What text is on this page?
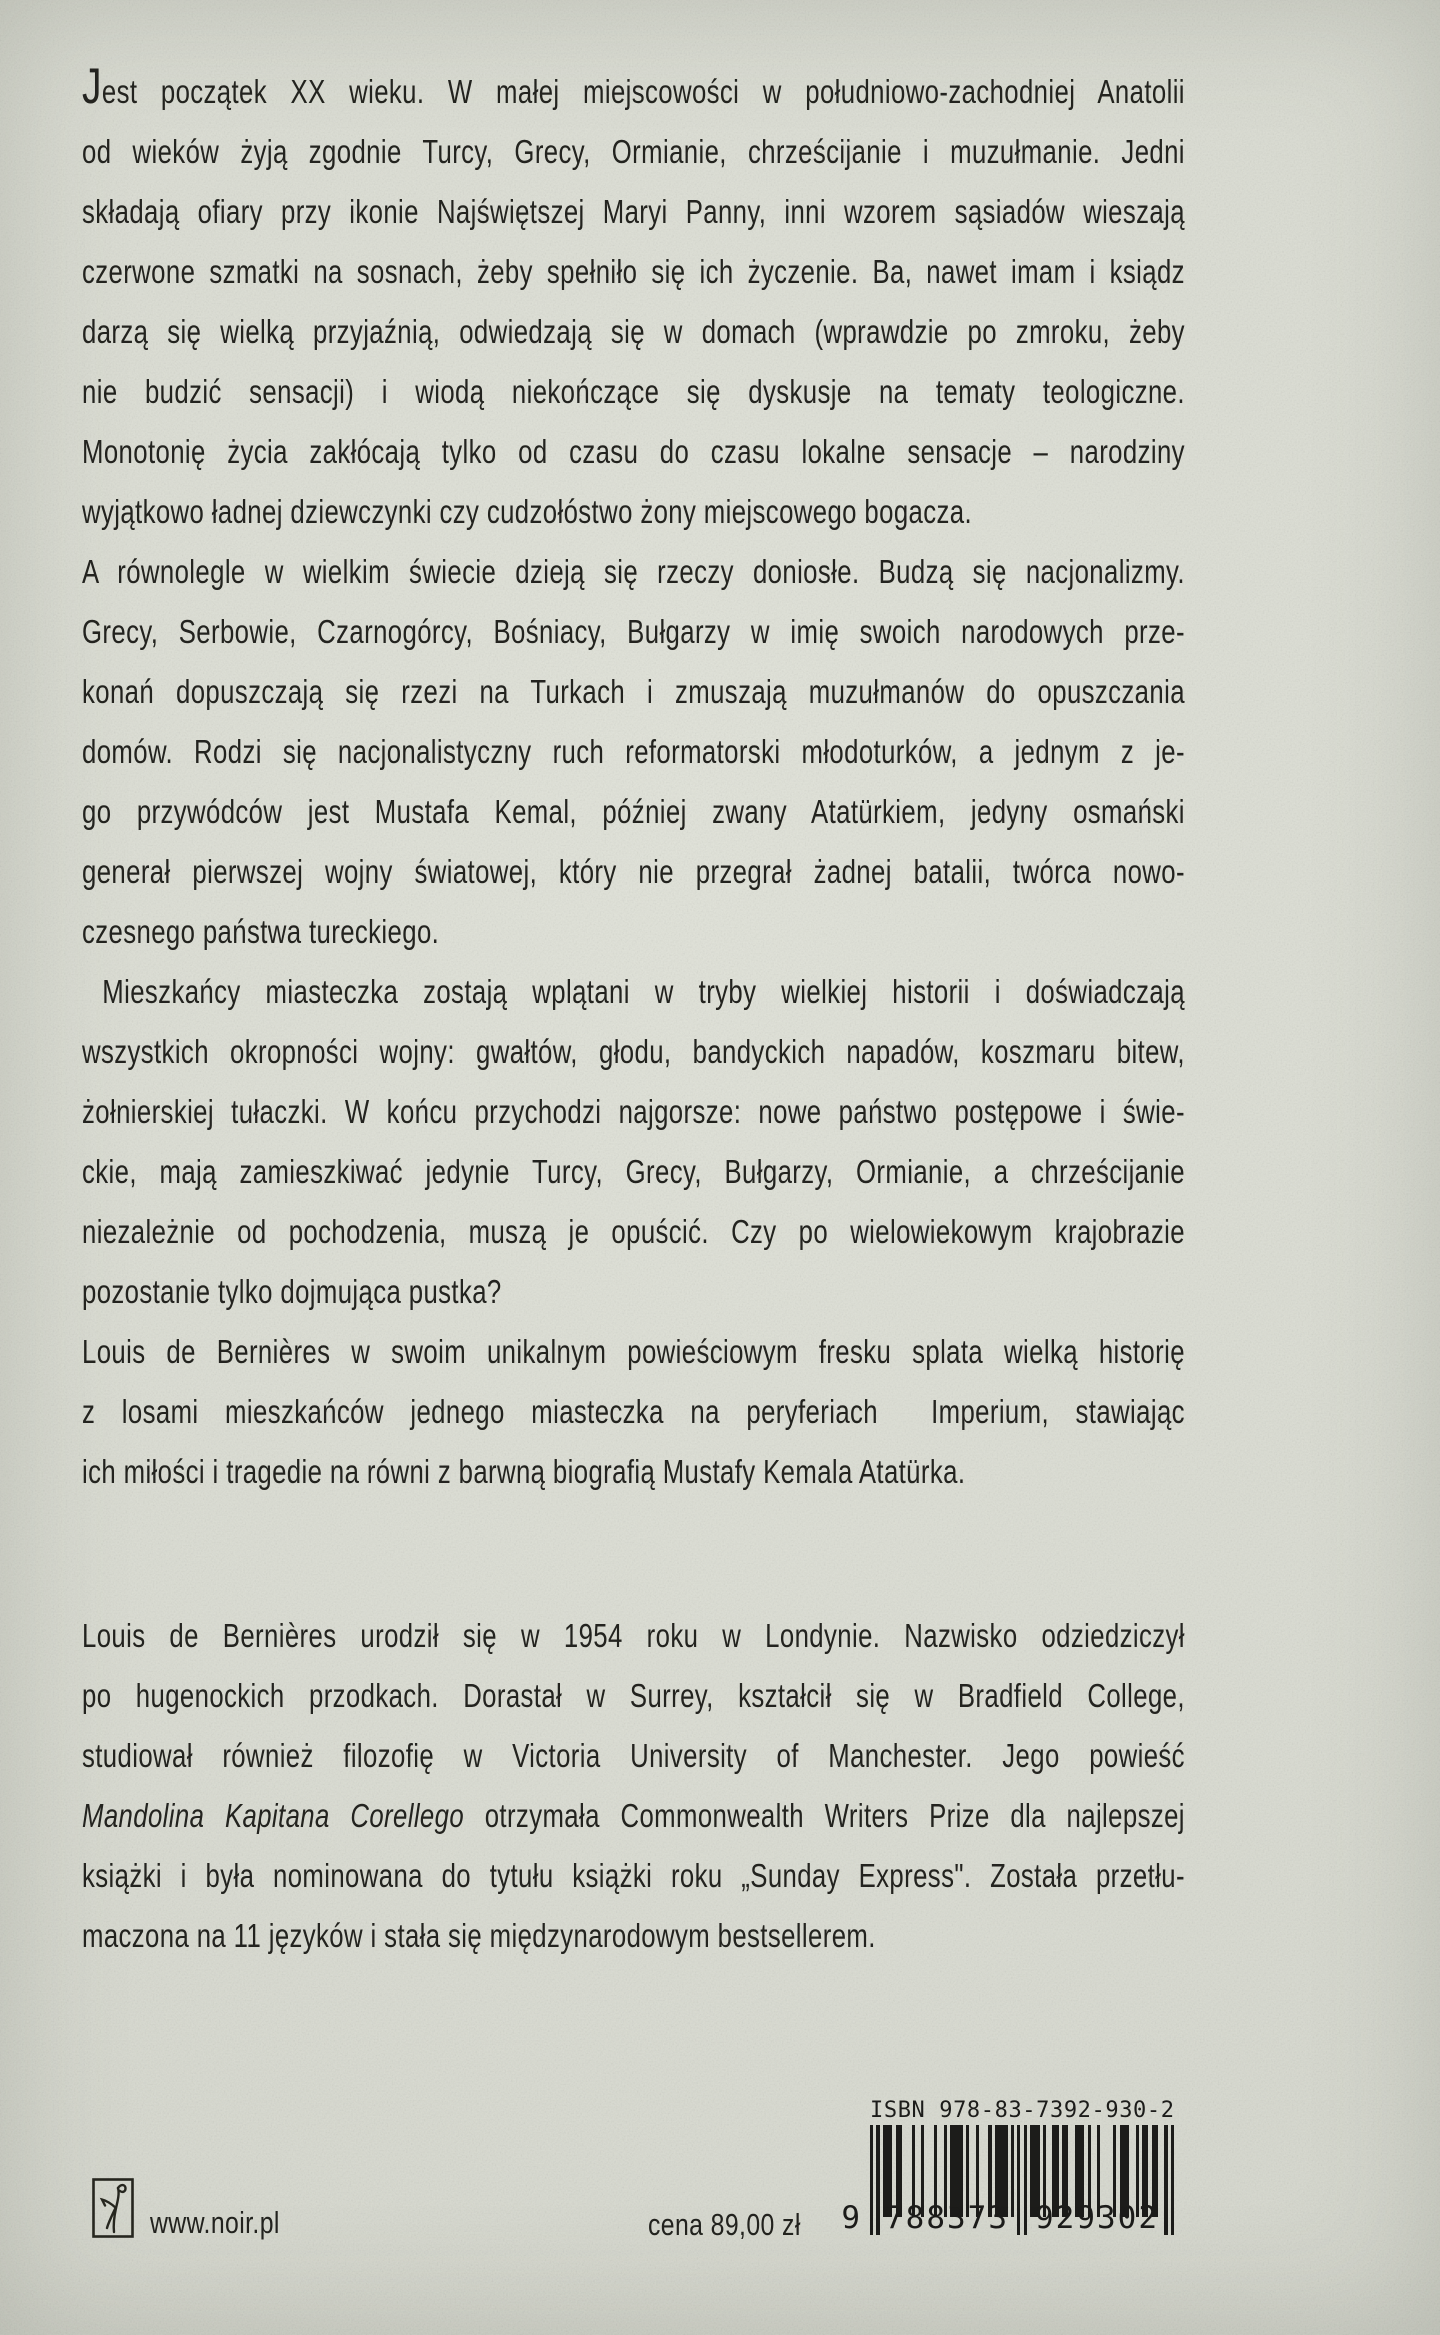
Jest początek XX wieku. W małej miejscowości w południowo-zachodniej Anatolii
od wieków żyją zgodnie Turcy, Grecy, Ormianie, chrześcijanie i muzułmanie. Jedni
składają ofiary przy ikonie Najświętszej Maryi Panny, inni wzorem sąsiadów wieszają
czerwone szmatki na sosnach, żeby spełniło się ich życzenie. Ba, nawet imam i ksiądz
darzą się wielką przyjaźnią, odwiedzają się w domach (wprawdzie po zmroku, żeby
nie budzić sensacji) i wiodą niekończące się dyskusje na tematy teologiczne.
Monotonię życia zakłócają tylko od czasu do czasu lokalne sensacje – narodziny
wyjątkowo ładnej dziewczynki czy cudzołóstwo żony miejscowego bogacza.
A równolegle w wielkim świecie dzieją się rzeczy doniosłe. Budzą się nacjonalizmy.
Grecy, Serbowie, Czarnogórcy, Bośniacy, Bułgarzy w imię swoich narodowych prze-
konań dopuszczają się rzezi na Turkach i zmuszają muzułmanów do opuszczania
domów. Rodzi się nacjonalistyczny ruch reformatorski młodoturków, a jednym z je-
go przywódców jest Mustafa Kemal, później zwany Atatürkiem, jedyny osmański
generał pierwszej wojny światowej, który nie przegrał żadnej batalii, twórca nowo-
czesnego państwa tureckiego.
Mieszkańcy miasteczka zostają wplątani w tryby wielkiej historii i doświadczają
wszystkich okropności wojny: gwałtów, głodu, bandyckich napadów, koszmaru bitew,
żołnierskiej tułaczki. W końcu przychodzi najgorsze: nowe państwo postępowe i świe-
ckie, mają zamieszkiwać jedynie Turcy, Grecy, Bułgarzy, Ormianie, a chrześcijanie
niezależnie od pochodzenia, muszą je opuścić. Czy po wielowiekowym krajobrazie
pozostanie tylko dojmująca pustka?
Louis de Bernières w swoim unikalnym powieściowym fresku splata wielką historię
z losami mieszkańców jednego miasteczka na peryferiach  Imperium, stawiając
ich miłości i tragedie na równi z barwną biografią Mustafy Kemala Atatürka.
Louis de Bernières urodził się w 1954 roku w Londynie. Nazwisko odziedziczył
po hugenockich przodkach. Dorastał w Surrey, kształcił się w Bradfield College,
studiował również filozofię w Victoria University of Manchester. Jego powieść
Mandolina Kapitana Corellego otrzymała Commonwealth Writers Prize dla najlepszej
książki i była nominowana do tytułu książki roku „Sunday Express". Została przetłu-
maczona na 11 języków i stała się międzynarodowym bestsellerem.
www.noir.pl	cena 89,00 zł
ISBN 978-83-7392-930-2
9 788373 929302
